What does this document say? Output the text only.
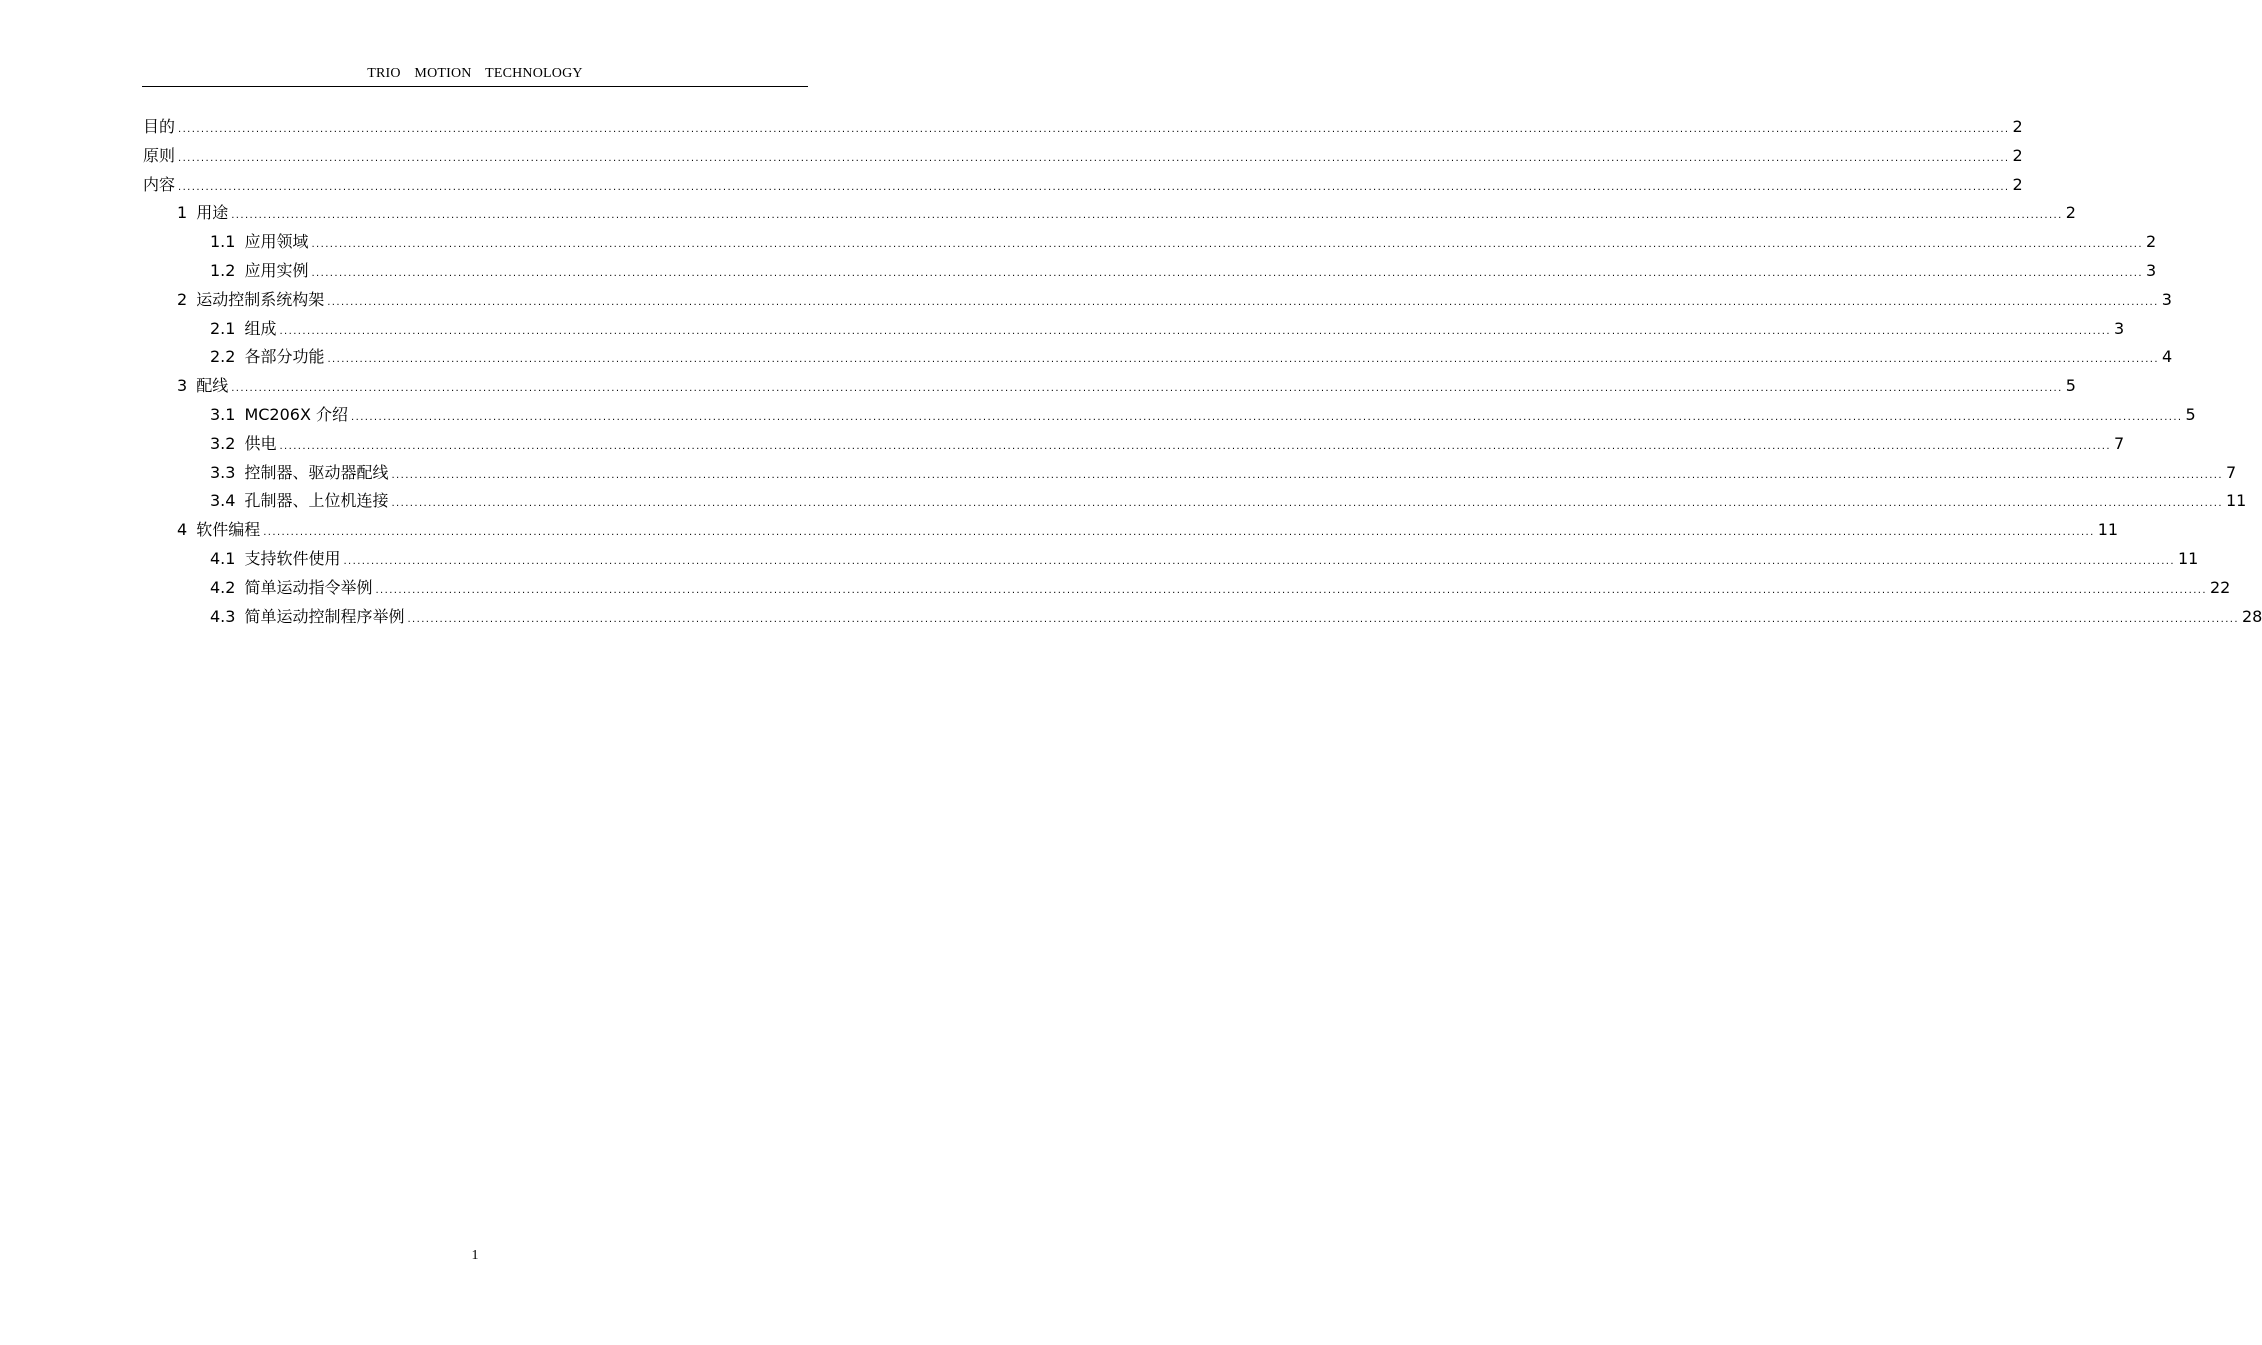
TRIO MOTION TECHNOLOGY
目的 ................................................................................................................................................................................................................................................................................................................................................................................................................ 2
原则 ................................................................................................................................................................................................................................................................................................................................................................................................................ 2
内容 ................................................................................................................................................................................................................................................................................................................................................................................................................ 2
1 用途 ................................................................................................................................................................................................................................................................................................................................................................................................................ 2
1.1 应用领域 ................................................................................................................................................................................................................................................................................................................................................................................................................ 2
1.2 应用实例 ................................................................................................................................................................................................................................................................................................................................................................................................................ 3
2 运动控制系统构架 ................................................................................................................................................................................................................................................................................................................................................................................................................ 3
2.1 组成 ................................................................................................................................................................................................................................................................................................................................................................................................................ 3
2.2 各部分功能 ................................................................................................................................................................................................................................................................................................................................................................................................................ 4
3 配线 ................................................................................................................................................................................................................................................................................................................................................................................................................ 5
3.1 MC206X 介绍 ................................................................................................................................................................................................................................................................................................................................................................................................................ 5
3.2 供电 ................................................................................................................................................................................................................................................................................................................................................................................................................ 7
3.3 控制器、驱动器配线 ................................................................................................................................................................................................................................................................................................................................................................................................................ 7
3.4 孔制器、上位机连接 ................................................................................................................................................................................................................................................................................................................................................................................................................ 11
4 软件编程 ................................................................................................................................................................................................................................................................................................................................................................................................................ 11
4.1 支持软件使用 ................................................................................................................................................................................................................................................................................................................................................................................................................ 11
4.2 简单运动指令举例 ................................................................................................................................................................................................................................................................................................................................................................................................................ 22
4.3 简单运动控制程序举例 ................................................................................................................................................................................................................................................................................................................................................................................................................ 28
1
